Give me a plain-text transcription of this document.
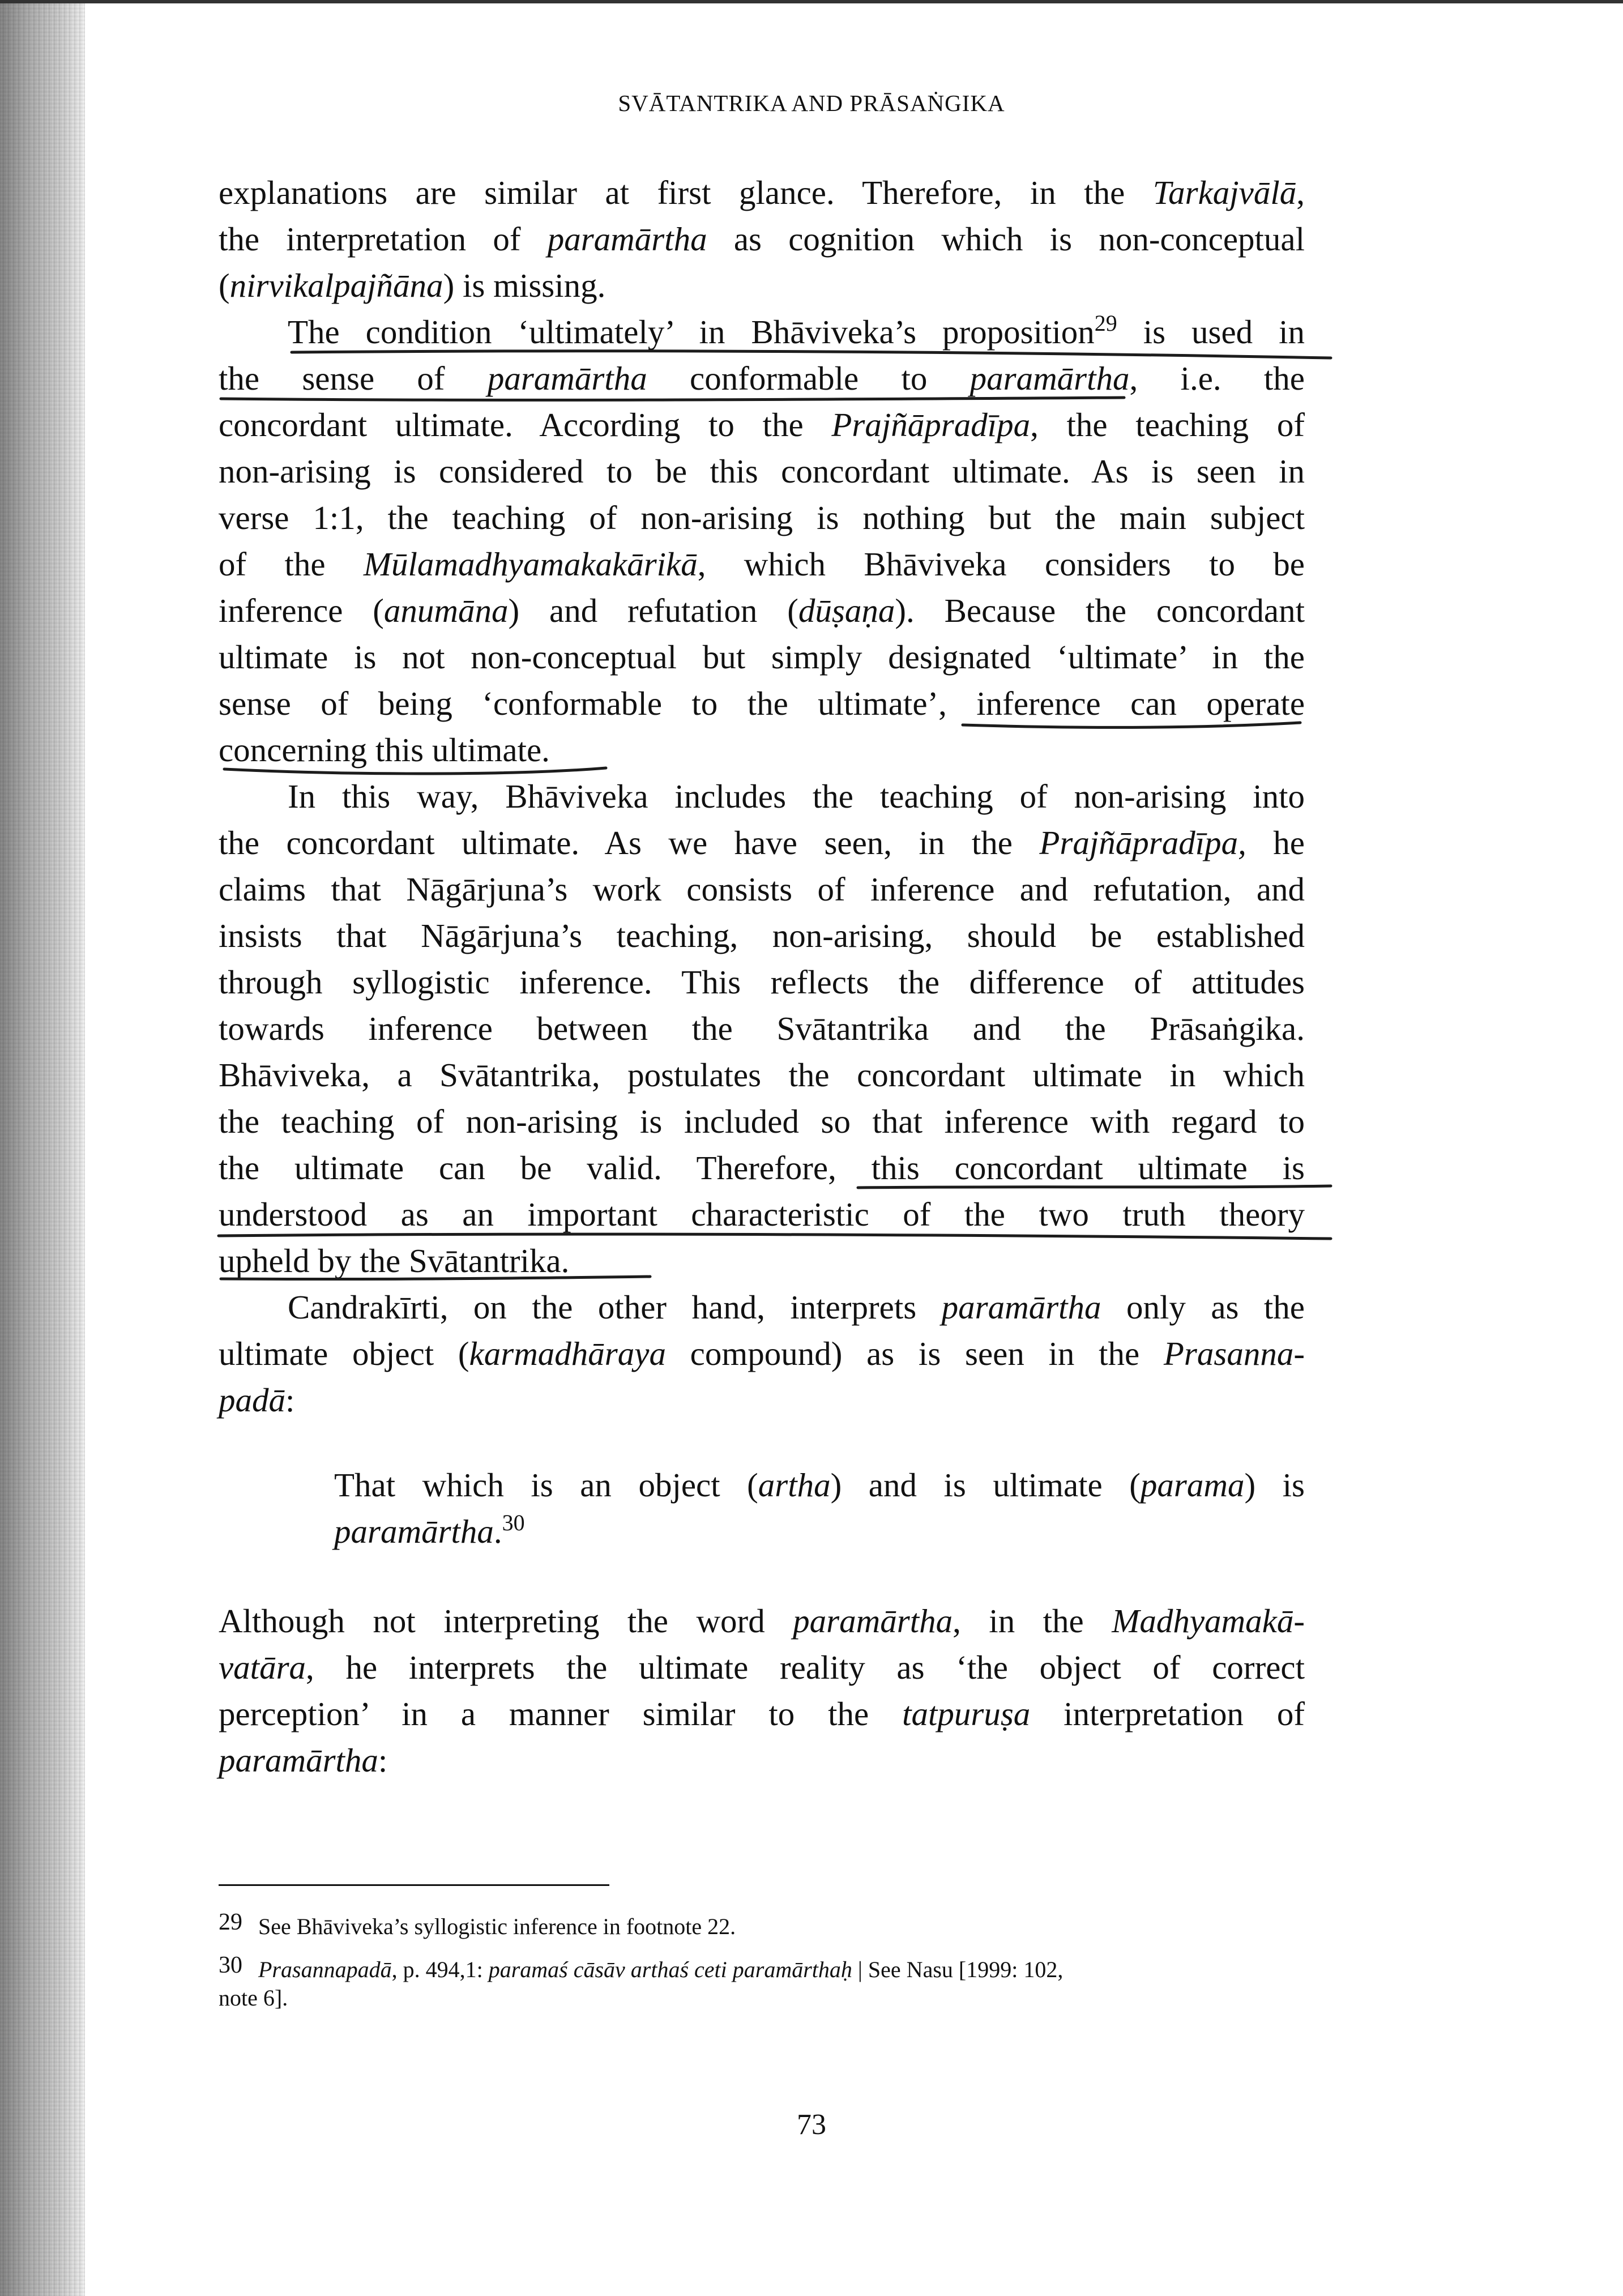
SVĀTANTRIKA AND PRĀSAṄGIKA
explanations are similar at first glance. Therefore, in the Tarkajvālā,
the interpretation of paramārtha as cognition which is non-conceptual
(nirvikalpajñāna) is missing.
The condition ‘ultimately’ in Bhāviveka’s proposition$^{29}$ is used in
the sense of paramārtha conformable to paramārtha, i.e. the
concordant ultimate. According to the Prajñāpradīpa, the teaching of
non-arising is considered to be this concordant ultimate. As is seen in
verse 1:1, the teaching of non-arising is nothing but the main subject
of the Mūlamadhyamakakārikā, which Bhāviveka considers to be
inference (anumāna) and refutation (dūṣaṇa). Because the concordant
ultimate is not non-conceptual but simply designated ‘ultimate’ in the
sense of being ‘conformable to the ultimate’, inference can operate
concerning this ultimate.
In this way, Bhāviveka includes the teaching of non-arising into
the concordant ultimate. As we have seen, in the Prajñāpradīpa, he
claims that Nāgārjuna’s work consists of inference and refutation, and
insists that Nāgārjuna’s teaching, non-arising, should be established
through syllogistic inference. This reflects the difference of attitudes
towards inference between the Svātantrika and the Prāsaṅgika.
Bhāviveka, a Svātantrika, postulates the concordant ultimate in which
the teaching of non-arising is included so that inference with regard to
the ultimate can be valid. Therefore, this concordant ultimate is
understood as an important characteristic of the two truth theory
upheld by the Svātantrika.
Candrakīrti, on the other hand, interprets paramārtha only as the
ultimate object (karmadhāraya compound) as is seen in the Prasanna-
padā:
That which is an object (artha) and is ultimate (parama) is
paramārtha.$^{30}$
Although not interpreting the word paramārtha, in the Madhyamakā-
vatāra, he interprets the ultimate reality as ‘the object of correct
perception’ in a manner similar to the tatpuruṣa interpretation of
paramārtha:
29 See Bhāviveka’s syllogistic inference in footnote 22.
30 Prasannapadā, p. 494,1: paramaś cāsāv arthaś ceti paramārthaḥ | See Nasu [1999: 102,
note 6].
73
